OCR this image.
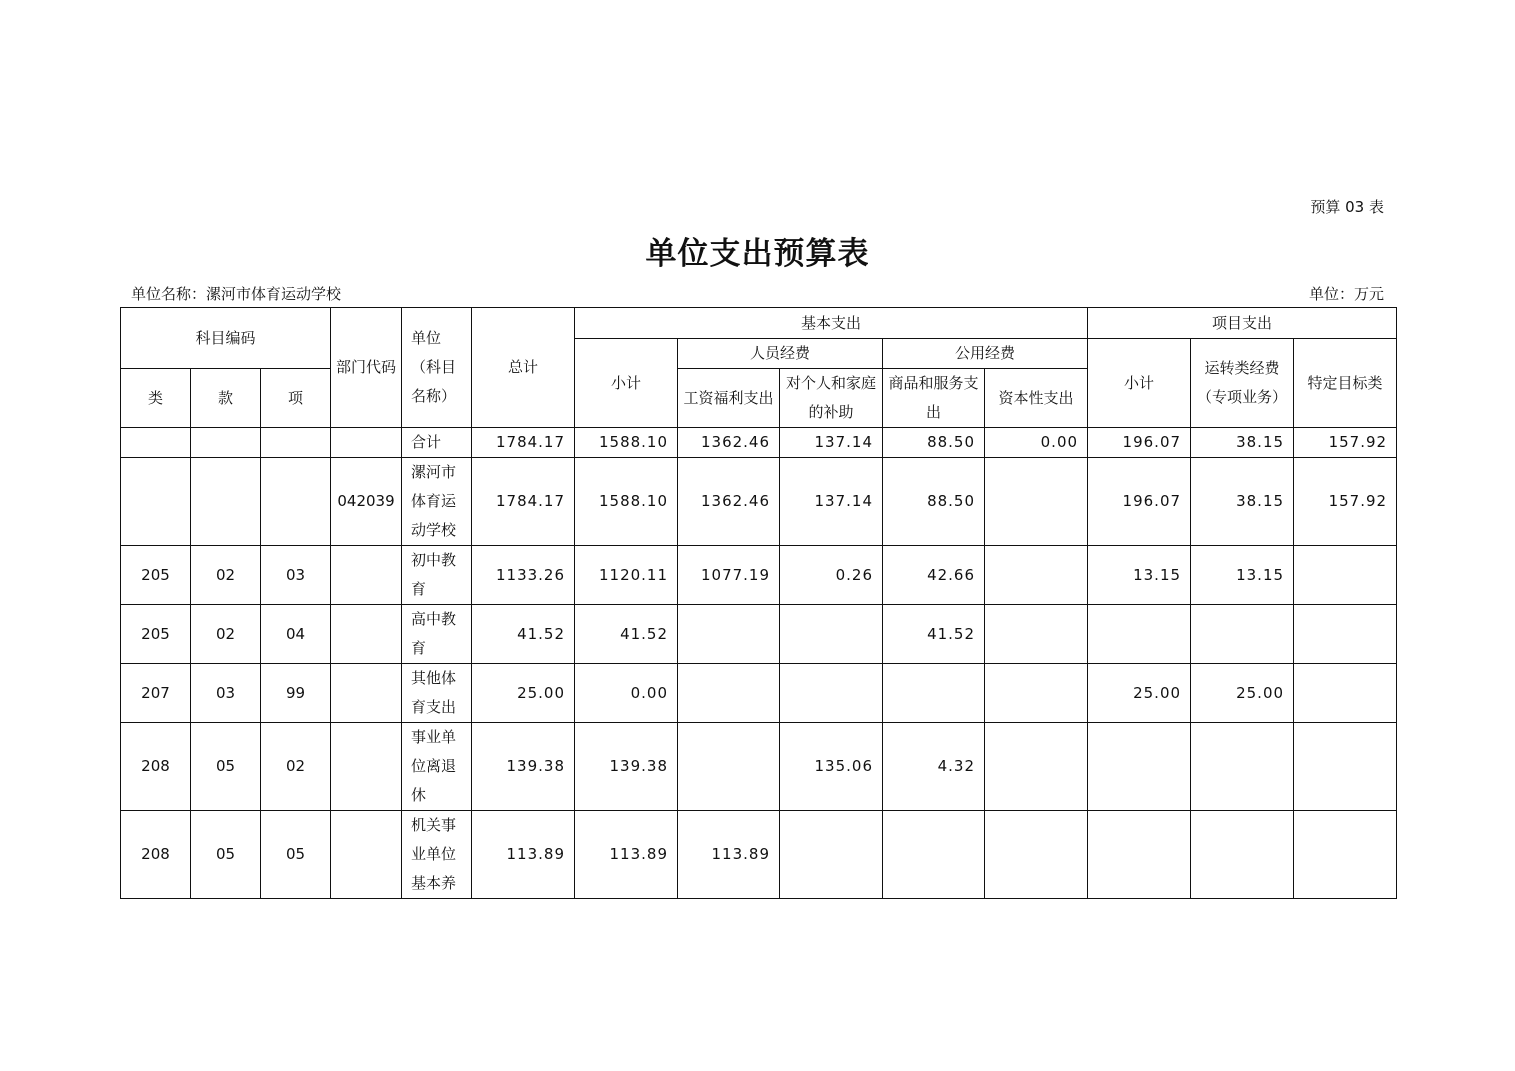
预算 03 表
单位支出预算表
单位名称：漯河市体育运动学校	单位：万元
科目编码			部门代码	单位（科目名称）	总计	基本支出					项目支出		
						小计	人员经费		公用经费		小计	运转类经费（专项业务）	特定目标类
类	款	项					工资福利支出	对个人和家庭的补助	商品和服务支出	资本性支出			
				合计	1784.17	1588.10	1362.46	137.14	88.50	0.00	196.07	38.15	157.92
			042039	漯河市体育运动学校	1784.17	1588.10	1362.46	137.14	88.50		196.07	38.15	157.92
205	02	03		初中教育	1133.26	1120.11	1077.19	0.26	42.66		13.15	13.15	
205	02	04		高中教育	41.52	41.52			41.52				
207	03	99		其他体育支出	25.00	0.00					25.00	25.00	
208	05	02		事业单位离退休	139.38	139.38		135.06	4.32				
208	05	05		机关事业单位基本养	113.89	113.89	113.89						
